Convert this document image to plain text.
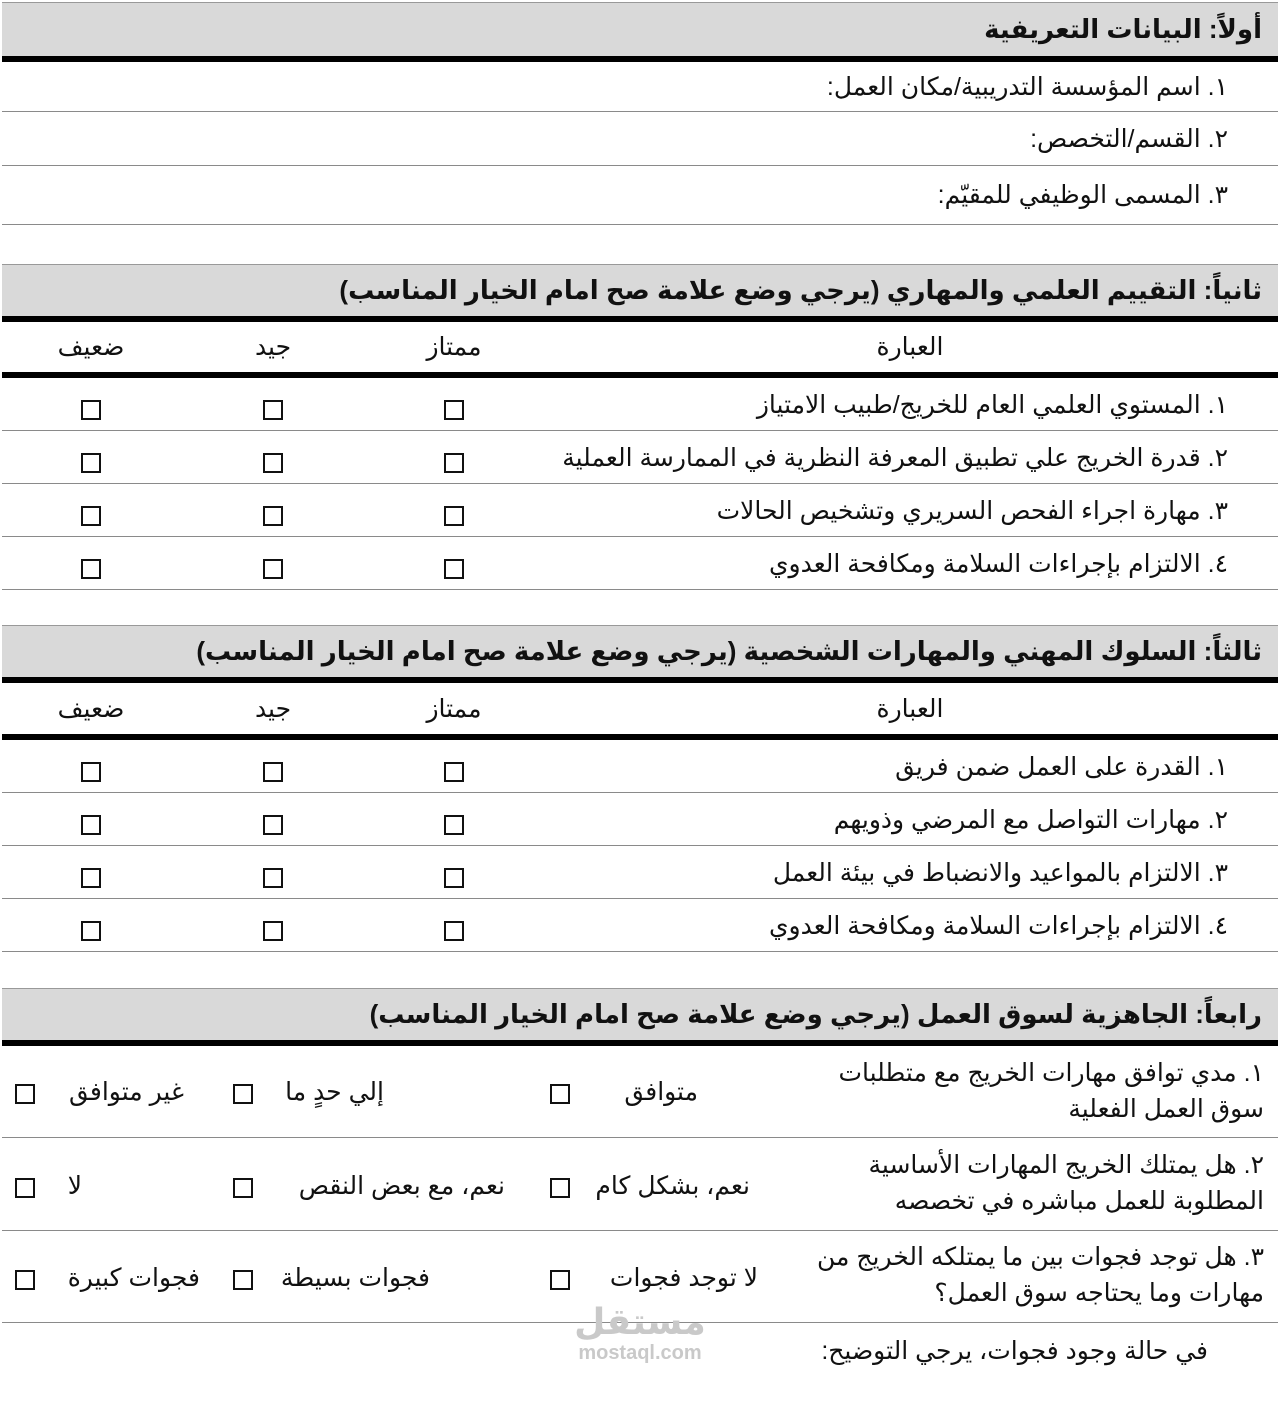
أولاً: البيانات التعريفية
١. اسم المؤسسة التدريبية/مكان العمل:
٢. القسم/التخصص:
٣. المسمى الوظيفي للمقيّم:
ثانياً: التقييم العلمي والمهاري (يرجي وضع علامة صح امام الخيار المناسب)
العبارة
ممتاز
جيد
ضعيف
١. المستوي العلمي العام للخريج/طبيب الامتياز
٢. قدرة الخريج علي تطبيق المعرفة النظرية في الممارسة العملية
٣. مهارة اجراء الفحص السريري وتشخيص الحالات
٤. الالتزام بإجراءات السلامة ومكافحة العدوي
ثالثاً: السلوك المهني والمهارات الشخصية (يرجي وضع علامة صح امام الخيار المناسب)
العبارة
ممتاز
جيد
ضعيف
١. القدرة على العمل ضمن فريق
٢. مهارات التواصل مع المرضي وذويهم
٣. الالتزام بالمواعيد والانضباط في بيئة العمل
٤. الالتزام بإجراءات السلامة ومكافحة العدوي
رابعاً: الجاهزية لسوق العمل (يرجي وضع علامة صح امام الخيار المناسب)
١. مدي توافق مهارات الخريج مع متطلبات
سوق العمل الفعلية
متوافق
إلي حدٍ ما
غير متوافق
٢. هل يمتلك الخريج المهارات الأساسية
المطلوبة للعمل مباشره في تخصصه
نعم، بشكل كام
نعم، مع بعض النقص
لا
٣. هل توجد فجوات بين ما يمتلكه الخريج من
مهارات وما يحتاجه سوق العمل؟
لا توجد فجوات
فجوات بسيطة
فجوات كبيرة
في حالة وجود فجوات، يرجي التوضيح:
مستقل
mostaql.com
